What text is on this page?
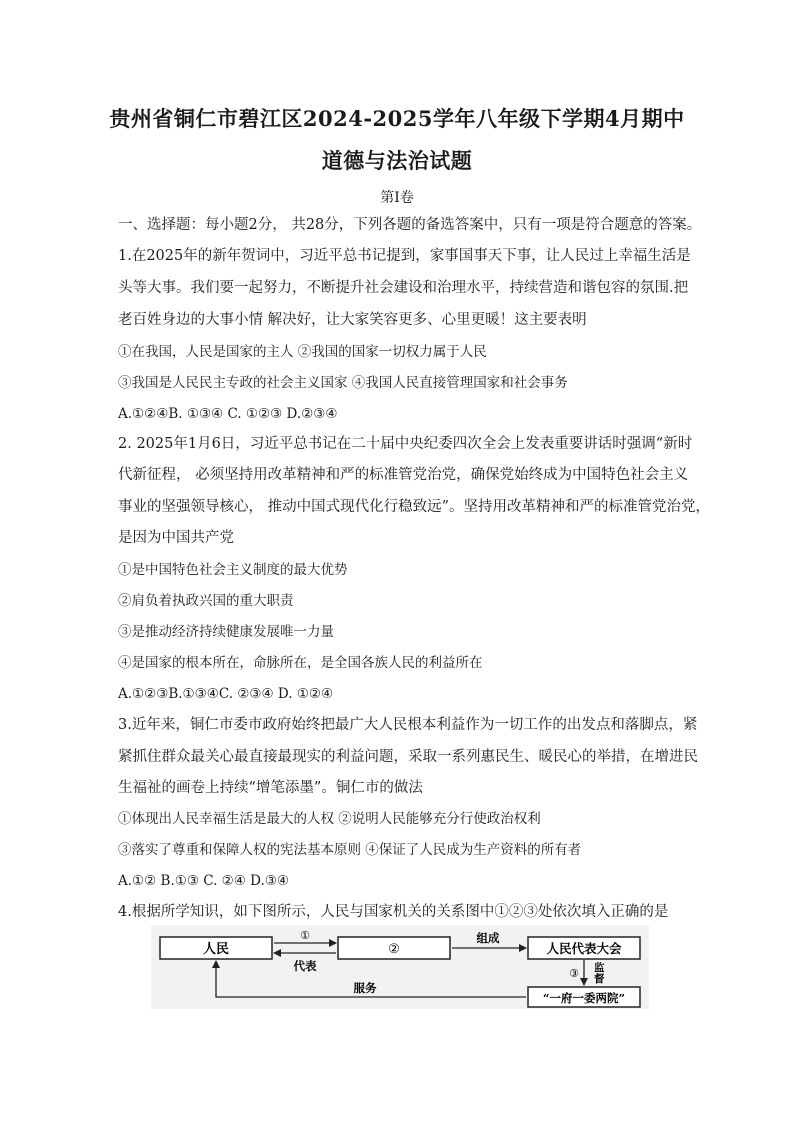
贵州省铜仁市碧江区2024-2025学年八年级下学期4月期中
道德与法治试题
第Ⅰ卷
一、选择题：每小题2分， 共28分，下列各题的备选答案中，只有一项是符合题意的答案。
1.在2025年的新年贺词中，习近平总书记提到，家事国事天下事，让人民过上幸福生活是
头等大事。我们要一起努力，不断提升社会建设和治理水平，持续营造和谐包容的氛围.把
老百姓身边的大事小情 解决好，让大家笑容更多、心里更暖！这主要表明
①在我国，人民是国家的主人 ②我国的国家一切权力属于人民
③我国是人民民主专政的社会主义国家 ④我国人民直接管理国家和社会事务
A.①②④B. ①③④ C. ①②③ D.②③④
2. 2025年1月6日，习近平总书记在二十届中央纪委四次全会上发表重要讲话时强调“新时
代新征程， 必须坚持用改革精神和严的标准管党治党，确保党始终成为中国特色社会主义
事业的坚强领导核心， 推动中国式现代化行稳致远”。坚持用改革精神和严的标准管党治党，
是因为中国共产党
①是中国特色社会主义制度的最大优势
②肩负着执政兴国的重大职责
③是推动经济持续健康发展唯一力量
④是国家的根本所在，命脉所在，是全国各族人民的利益所在
A.①②③B.①③④C. ②③④ D. ①②④
3.近年来，铜仁市委市政府始终把最广大人民根本利益作为一切工作的出发点和落脚点，紧
紧抓住群众最关心最直接最现实的利益问题，采取一系列惠民生、暖民心的举措，在增进民
生福祉的画卷上持续“增笔添墨”。铜仁市的做法
①体现出人民幸福生活是最大的人权 ②说明人民能够充分行使政治权利
③落实了尊重和保障人权的宪法基本原则 ④保证了人民成为生产资料的所有者
A.①② B.①③ C. ②④ D.③④
4.根据所学知识，如下图所示，人民与国家机关的关系图中①②③处依次填入正确的是
人民	②	人民代表大会
“一府一委两院”
①
代表
组成
③ 监
督
服务
